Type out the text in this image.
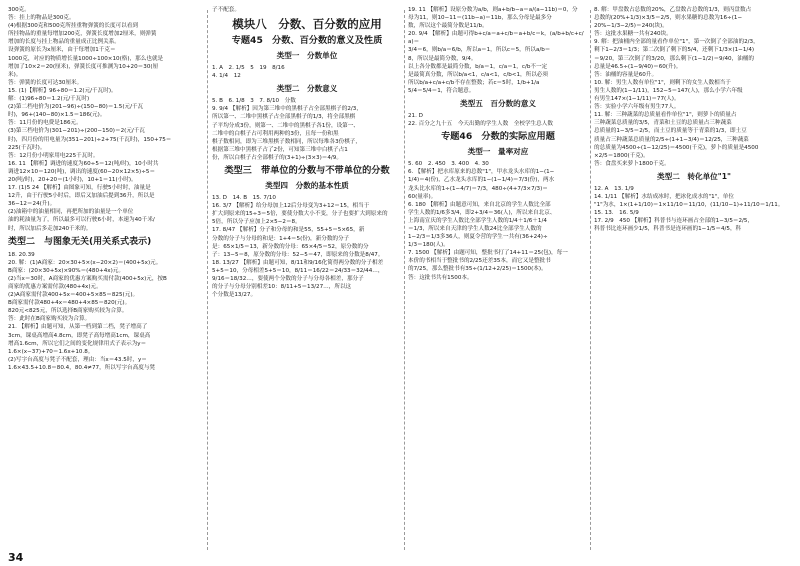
300克。
答：挂上的物品是300克。
(4)根据300克和500克所挂重物弹簧的长度可以看到
所挂物品的重量每增加200克，弹簧长度增加2厘米，则弹簧
增加的长度与挂上物品的重量成正比例关系。
设弹簧的原长为x厘米，由于每增加1千克＝
1000克，对应的物质增长量1000÷100×10(格)，那么也就是
增加了10×2＝20(厘米)，弹簧长度可推测为10+20＝30(厘
米)。
答：弹簧的长度可达30厘米。
15. (1)【解析】96÷80＝1.2(元/千瓦时)。
解：(1)96÷80＝1.2(元/千瓦时)
(2)第二档电价为(201−96)÷(150−80)＝1.5(元/千瓦
时)，96+(140−80)×1.5＝186(元)。
答：11月份的电费是186元。
(3)第三档电价为(301−201)÷(200−150)＝2(元/千瓦
时)，四月份的用电量为(351−201)÷2+75(千瓦时)，150+75＝
225(千瓦时)。
答：12月份小明家用电225千瓦时。
16. 11 【解析】调进的速度为60÷5＝12(吨/时)，10小时共
调进12×10＝120(吨)，调出的速度(60−20×12×5)÷5＝
20(吨/时)，20+20＝(1小时)，10+1＝11(小时)。
17. (1)5 24 【解析】由图象可知，行驶5小时时，油量是
12升，由于行驶5小时后，即后又加油后提到36升，所以是
36−12＝24(升)。
(2)油箱中的油量相同，再把所加的油量是一个单位
油的耗油量为了，所以最多可以行驶6小时，本速为40千米/
时，所以加后多走加240千米的。
类型二　与图象无关(用关系式表示)
18. 20.39
20. 解：(1)A商家：20×30+5×(x−20×2)＝(400+5x)元。
B商家：(20×30+5x)×90%＝(480+4x)元。
(2)当x＝30时，A商家的优惠方案购买需付款(400+5x)元，按B
商家的优惠方案需付款(480+4x)元。
(2)A商家需付款400+5x＝400+5×85＝825(元)。
B商家需付款480+4x＝480+4×85＝820(元)。
820元<825元，所以选择B商家购买较为合算。
答：此时在B商家购买较为合算。
21. 【解析】由题可知，从第一档到第二档，凳子增高了
3cm，课桌高增高4.8cm，即凳子高每增高1cm，课桌高
增高1.6cm，所以它们之间的变化规律用式子表示为y＝
1.6×(x−37)+70＝1.6x+10.8。
(2)写字台高度与凳子不配套，理由：当x＝43.5时，y＝
1.6×43.5+10.8＝80.4，80.4≠77，所以写字台高度与凳
子不配套。
模块八　分数、百分数的应用
专题45　分数、百分数的意义及性质
类型一　分数单位
1. A　2. 1/5　5　19　8/16
4. 1/4　12
类型二　分数意义
5. B　6. 1/8　3　7. 8/10　分数
9. 9/4 【解析】因为第三堆中的黑棋子占全部黑棋子的2/3，
所以第一、二堆中黑棋子占全部黑棋子的1/3，将全部黑棋
子平均分成3份，则第一、二堆中的黑棋子各1份，设第一、
二堆中的白棋子占可利用两种的3份，且每一份和黑
棋子数相同，即为三堆黑棋子数相同，所以每堆各3份棋子，
根据第三堆中黑棋子占了2份，可知第三堆中白棋子占1
份，所以白棋子占全部棋子的(3+1)÷(3×3)＝4/9。
类型三　带单位的分数与不带单位的分数
类型四　分数的基本性质
13. D　14. B　15. 7/10
16. 3/7 【解析】给分母加上12后分母变为3+12＝15，相当于
扩大到原来的15÷3＝5倍，要使分数大小不变，分子也要扩大到原来的
5倍，所以分子应加上2×5−2＝8。
17. 8/47 【解析】分子和分母的和是55，55+5＝5×65，新
分数的分子与分母的和是：1+4＝5(份)，新分数的分子
是：65×1/5＝13，新分数的分母：65×4/5＝52，原分数的分
子：13−5＝8，原分数的分母：52−5＝47，即原来的分数是8/47。
18. 13/27 【解析】由题可知，8/11和9/16化简得两分数的分子相差
5+5＝10，分母相差5+5＝10，8/11＝16/22＝24/33＝32/44…，
9/16＝18/32…，要使两个分数的分子与分母各相差，那分子
的分子与分母分别相差10：8/11+5＝13/27…，所以这
个分数是13/27。
19. 11 【解析】设原分数为a/b，则a+b/b−a＝a/(a−11b)＝0，分
母为11，则10−11＝(11b−a)＝11b，那么分母是最多分
数，所以这个最简分数是11/b。
20. 9/4 【解析】由题可得b+c/a＝a+c/b＝a+b/c＝k，(a/b+b/c+c/a)＝
3/4＝6，则b/a＝6/b，所以a＝1，所以c＝5，所以a/b＝
8，所以是最简分数，9/4。
以上各分数都是最简分数，b/a＝1，c/a＝1，c/b不一定
是最简真分数，所以b/a<1，c/a<1，c/b<1，所以必须
所以b/a+c/a+c/b不存在整数；若c＝5时，1/b+1/a
5/4＝5/4＝1，符合题意。
类型五　百分数的意义
21. D
22. 百分之九十五　今天出勤的学生人数　全校学生总人数
专题46　分数的实际应用题
类型一　量率对应
5. 60　2. 450　3. 400　4. 30
6. 【解析】把水库原来的总数"1"，甲水龙头水库的1−(1−
1/4)＝4(份)，乙水龙头水库的1−(1−1/4)＝7/3(份)，两水
龙头比水库的1÷(1−4/7)＝7/3，480÷(4+7/3×7/3)＝
60(量率)。
6. 180 【解析】由题意可知，来自北京的学生人数比全部
学生人数的1/6多3/4，即2+3/4＝36(人)，所以来自北京、
上海南宣庆的学生人数比全部学生人数的1/4＋1/6＋1/4
＝1/3，所以来自天津的学生人数24比全部学生人数的
1−2/3＝1/3多36人，则夏令营的学生一共有(36+24)÷
1/3＝180(人)。
7. 1500 【解析】由题可知，整批书打了14+11＝25(包)，每一
本价的书相当于整批书的2/25还差35本，而它又是整批书
的7/25，那么整批书有35÷(1/12+2/25)＝1500(本)。
答：这批书共有1500本。
8. 解：甲盘数占总数的20%，乙盘数占总数的1/3，则丙盘数占
总数的(20%+1/3)×3/5＝2/5，则水果糖的总数为16÷(1−
20%−1/3−2/5)＝240(块)。
答：这批水果糖一共有240块。
9. 解：把油桶内全部的量看作单位"1"，第一次倒了全部油的2/3，
剩下1−2/3＝1/3；第二次倒了剩下的5/4，还剩下1/3×(1−1/4)
＝9/20，第三次倒了的3/20，那么剩下(1−1/2)＝9/40，油桶的
总量是46.5÷(1−9/40)＝60(升)。
答：油桶的容量是60升。
10. 解：男生人数有单位"1"，则剩下的女生人数相当于
男生人数的(1−1/11)，152−5＝147(人)，那么小学六年级
有男生147×(1−1/11)＝77(人)。
答：实验小学六年级有男生77人。
11. 解：三种蔬菜的总质量看作单位"1"，则萝卜的质量占
三种蔬菜总质量的3/5，青菜和土豆的总质量占三种蔬菜
总质量的1−3/5＝2/5，而土豆的质量等于青菜的1/3，即土豆
质量占三种蔬菜总质量的2/5÷(1+1−3/4)＝12/25，三种蔬菜
的总质量为4500÷(1−12/25)＝4500(千克)，萝卜的质量是4500
×2/5＝1800(千克)。
答：食盘买来萝卜1800千克。
类型二　转化单位"1"
12. A　13. 1/9
14. 1/11 【解析】水结成冰时，把冰化成水的"1"，单位
"1"为水，1×(1+1/10)＝1×11/10＝11/10，(11/10−1)÷11/10＝1/11。
15. 13.　16. 5/9
17. 2/9　450 【解析】科普书与连环画占全部的1−3/5＝2/5，
科普书比连环画少1/5，科普书是连环画的1−1/5＝4/5，科
34
